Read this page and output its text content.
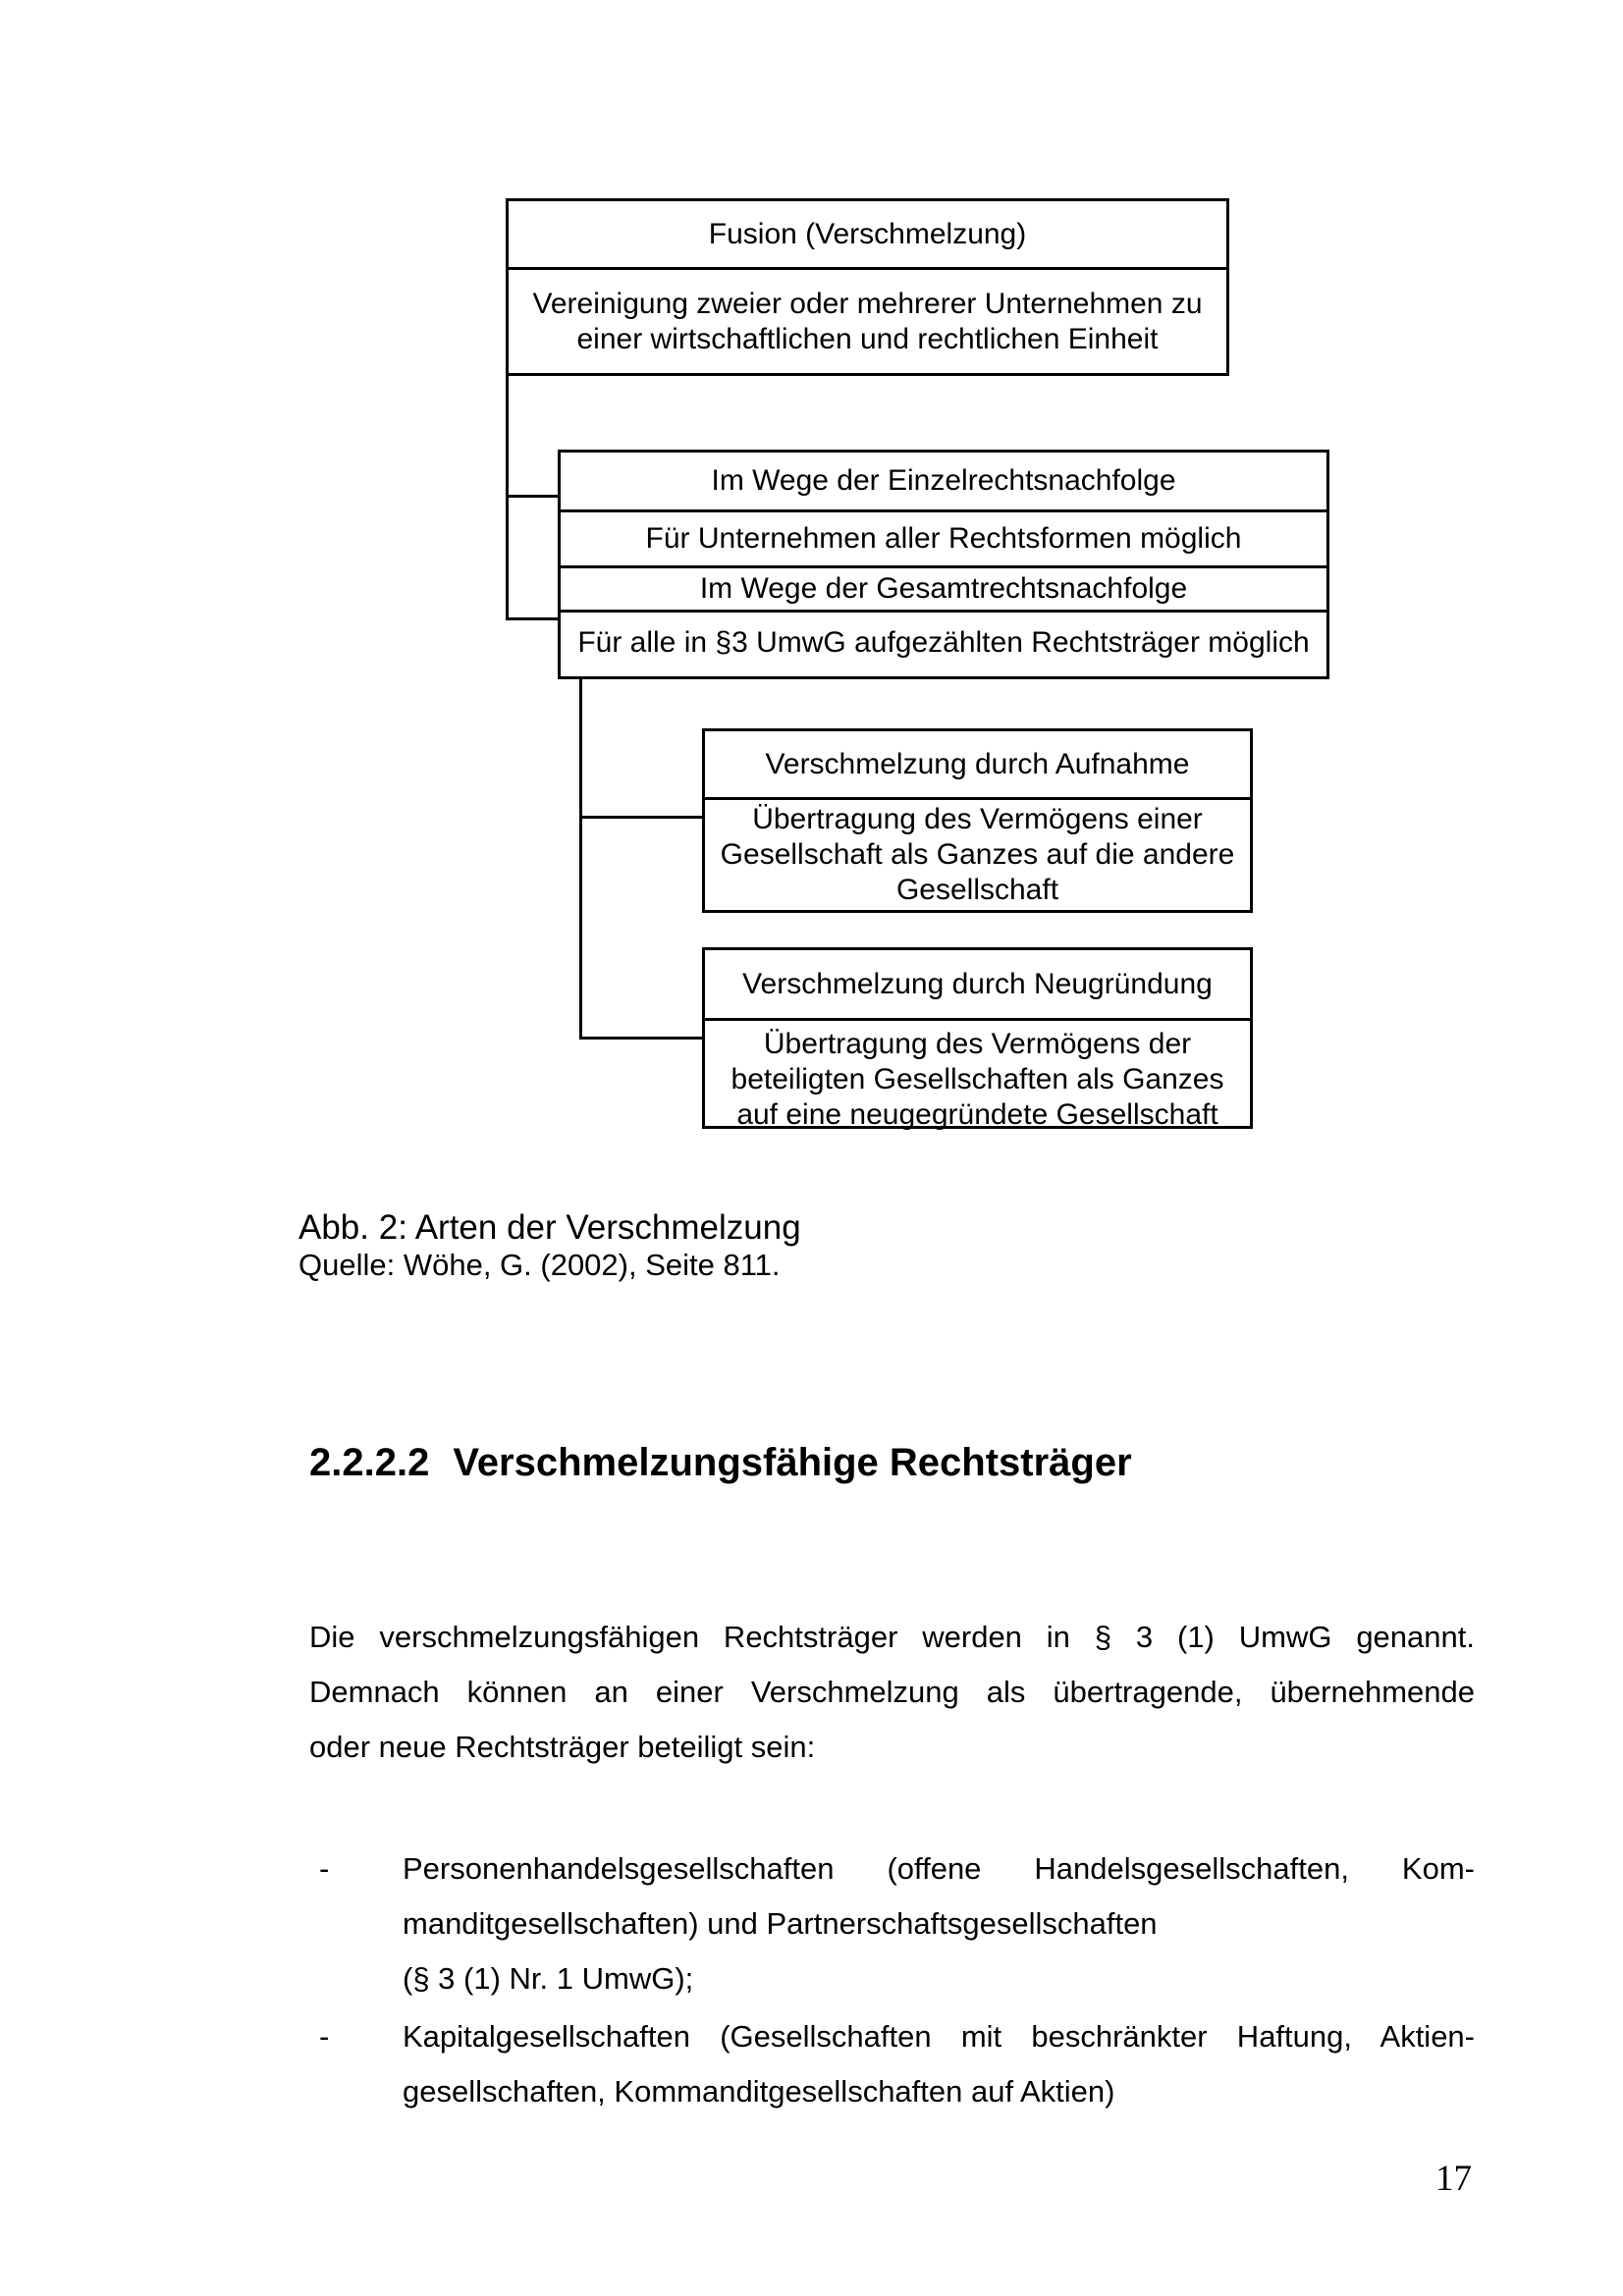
Fusion (Verschmelzung)
Vereinigung zweier oder mehrerer Unternehmen zu einer wirtschaftlichen und rechtlichen Einheit
Im Wege der Einzelrechtsnachfolge
Für Unternehmen aller Rechtsformen möglich
Im Wege der Gesamtrechtsnachfolge
Für alle in §3 UmwG aufgezählten Rechtsträger möglich
Verschmelzung durch Aufnahme
Übertragung des Vermögens einer Gesellschaft als Ganzes auf die andere Gesellschaft
Verschmelzung durch Neugründung
Übertragung des Vermögens der beteiligten Gesellschaften als Ganzes auf eine neugegründete Gesellschaft
Abb. 2: Arten der Verschmelzung
Quelle: Wöhe, G. (2002), Seite 811.
2.2.2.2 Verschmelzungsfähige Rechtsträger
Die verschmelzungsfähigen Rechtsträger werden in § 3 (1) UmwG genannt.
Demnach können an einer Verschmelzung als übertragende, übernehmende
oder neue Rechtsträger beteiligt sein:
-	Personenhandelsgesellschaften (offene Handelsgesellschaften, Kom-
manditgesellschaften) und Partnerschaftsgesellschaften
(§ 3 (1) Nr. 1 UmwG);
-	Kapitalgesellschaften (Gesellschaften mit beschränkter Haftung, Aktien-
gesellschaften, Kommanditgesellschaften auf Aktien)
17
